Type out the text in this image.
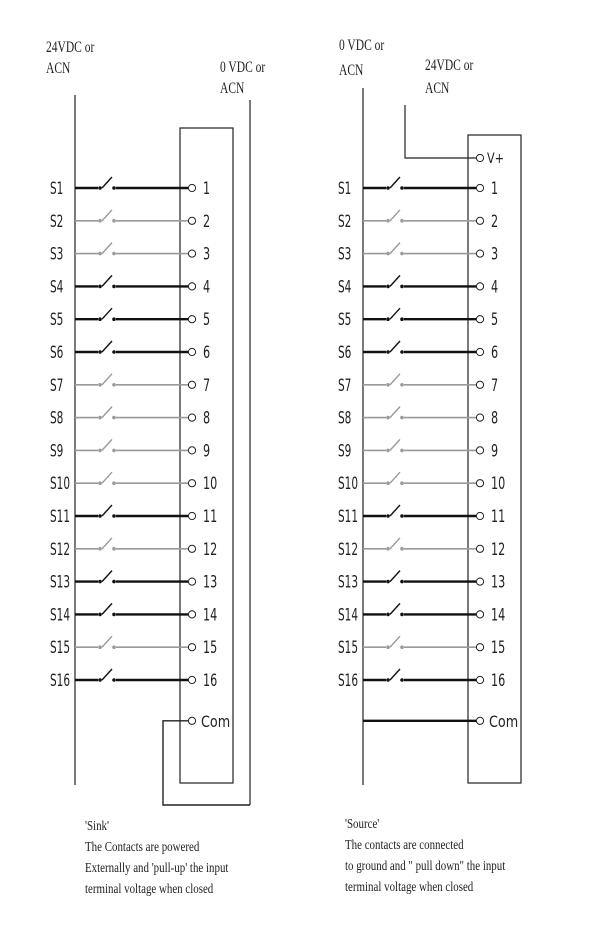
24VDC or ACN	0 VDC or ACN
0 VDC or ACN	24VDC or ACN
S1	1
S2	2
S3	3
S4	4
S5	5
S6	6
S7	7
S8	8
S9	9
S10	10
S11	11
S12	12
S13	13
S14	14
S15	15
S16	16
Com
V+
S1	1
S2	2
S3	3
S4	4
S5	5
S6	6
S7	7
S8	8
S9	9
S10	10
S11	11
S12	12
S13	13
S14	14
S15	15
S16	16
Com
'Sink'
The Contacts are powered
Externally and 'pull-up' the input
terminal voltage when closed
'Source'
The contacts are connected
to ground and " pull down" the input
terminal voltage when closed
